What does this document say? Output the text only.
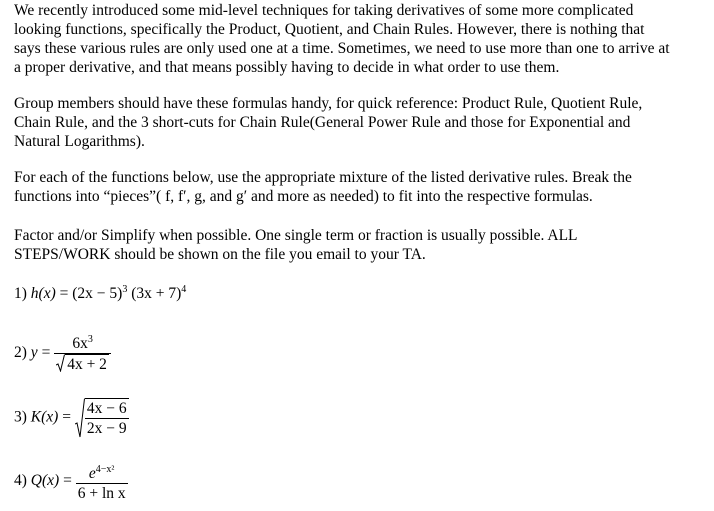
We recently introduced some mid-level techniques for taking derivatives of some more complicated
looking functions, specifically the Product, Quotient, and Chain Rules. However, there is nothing that
says these various rules are only used one at a time. Sometimes, we need to use more than one to arrive at
a proper derivative, and that means possibly having to decide in what order to use them.
Group members should have these formulas handy, for quick reference: Product Rule, Quotient Rule,
Chain Rule, and the 3 short-cuts for Chain Rule(General Power Rule and those for Exponential and
Natural Logarithms).
For each of the functions below, use the appropriate mixture of the listed derivative rules. Break the
functions into “pieces”( f, f′, g, and g′ and more as needed) to fit into the respective formulas.
Factor and/or Simplify when possible. One single term or fraction is usually possible. ALL
STEPS/WORK should be shown on the file you email to your TA.
1) $h(x) = (2x - 5)^3$ $(3x + 7)^4$
2) $y = \frac{6x^3}{4x + 2}$
3) $K(x) = \frac{4x - 6}{2x - 9}$
4) $Q(x) = \frac{e^{4-x^2}}{\text{6 + ln x}}$
